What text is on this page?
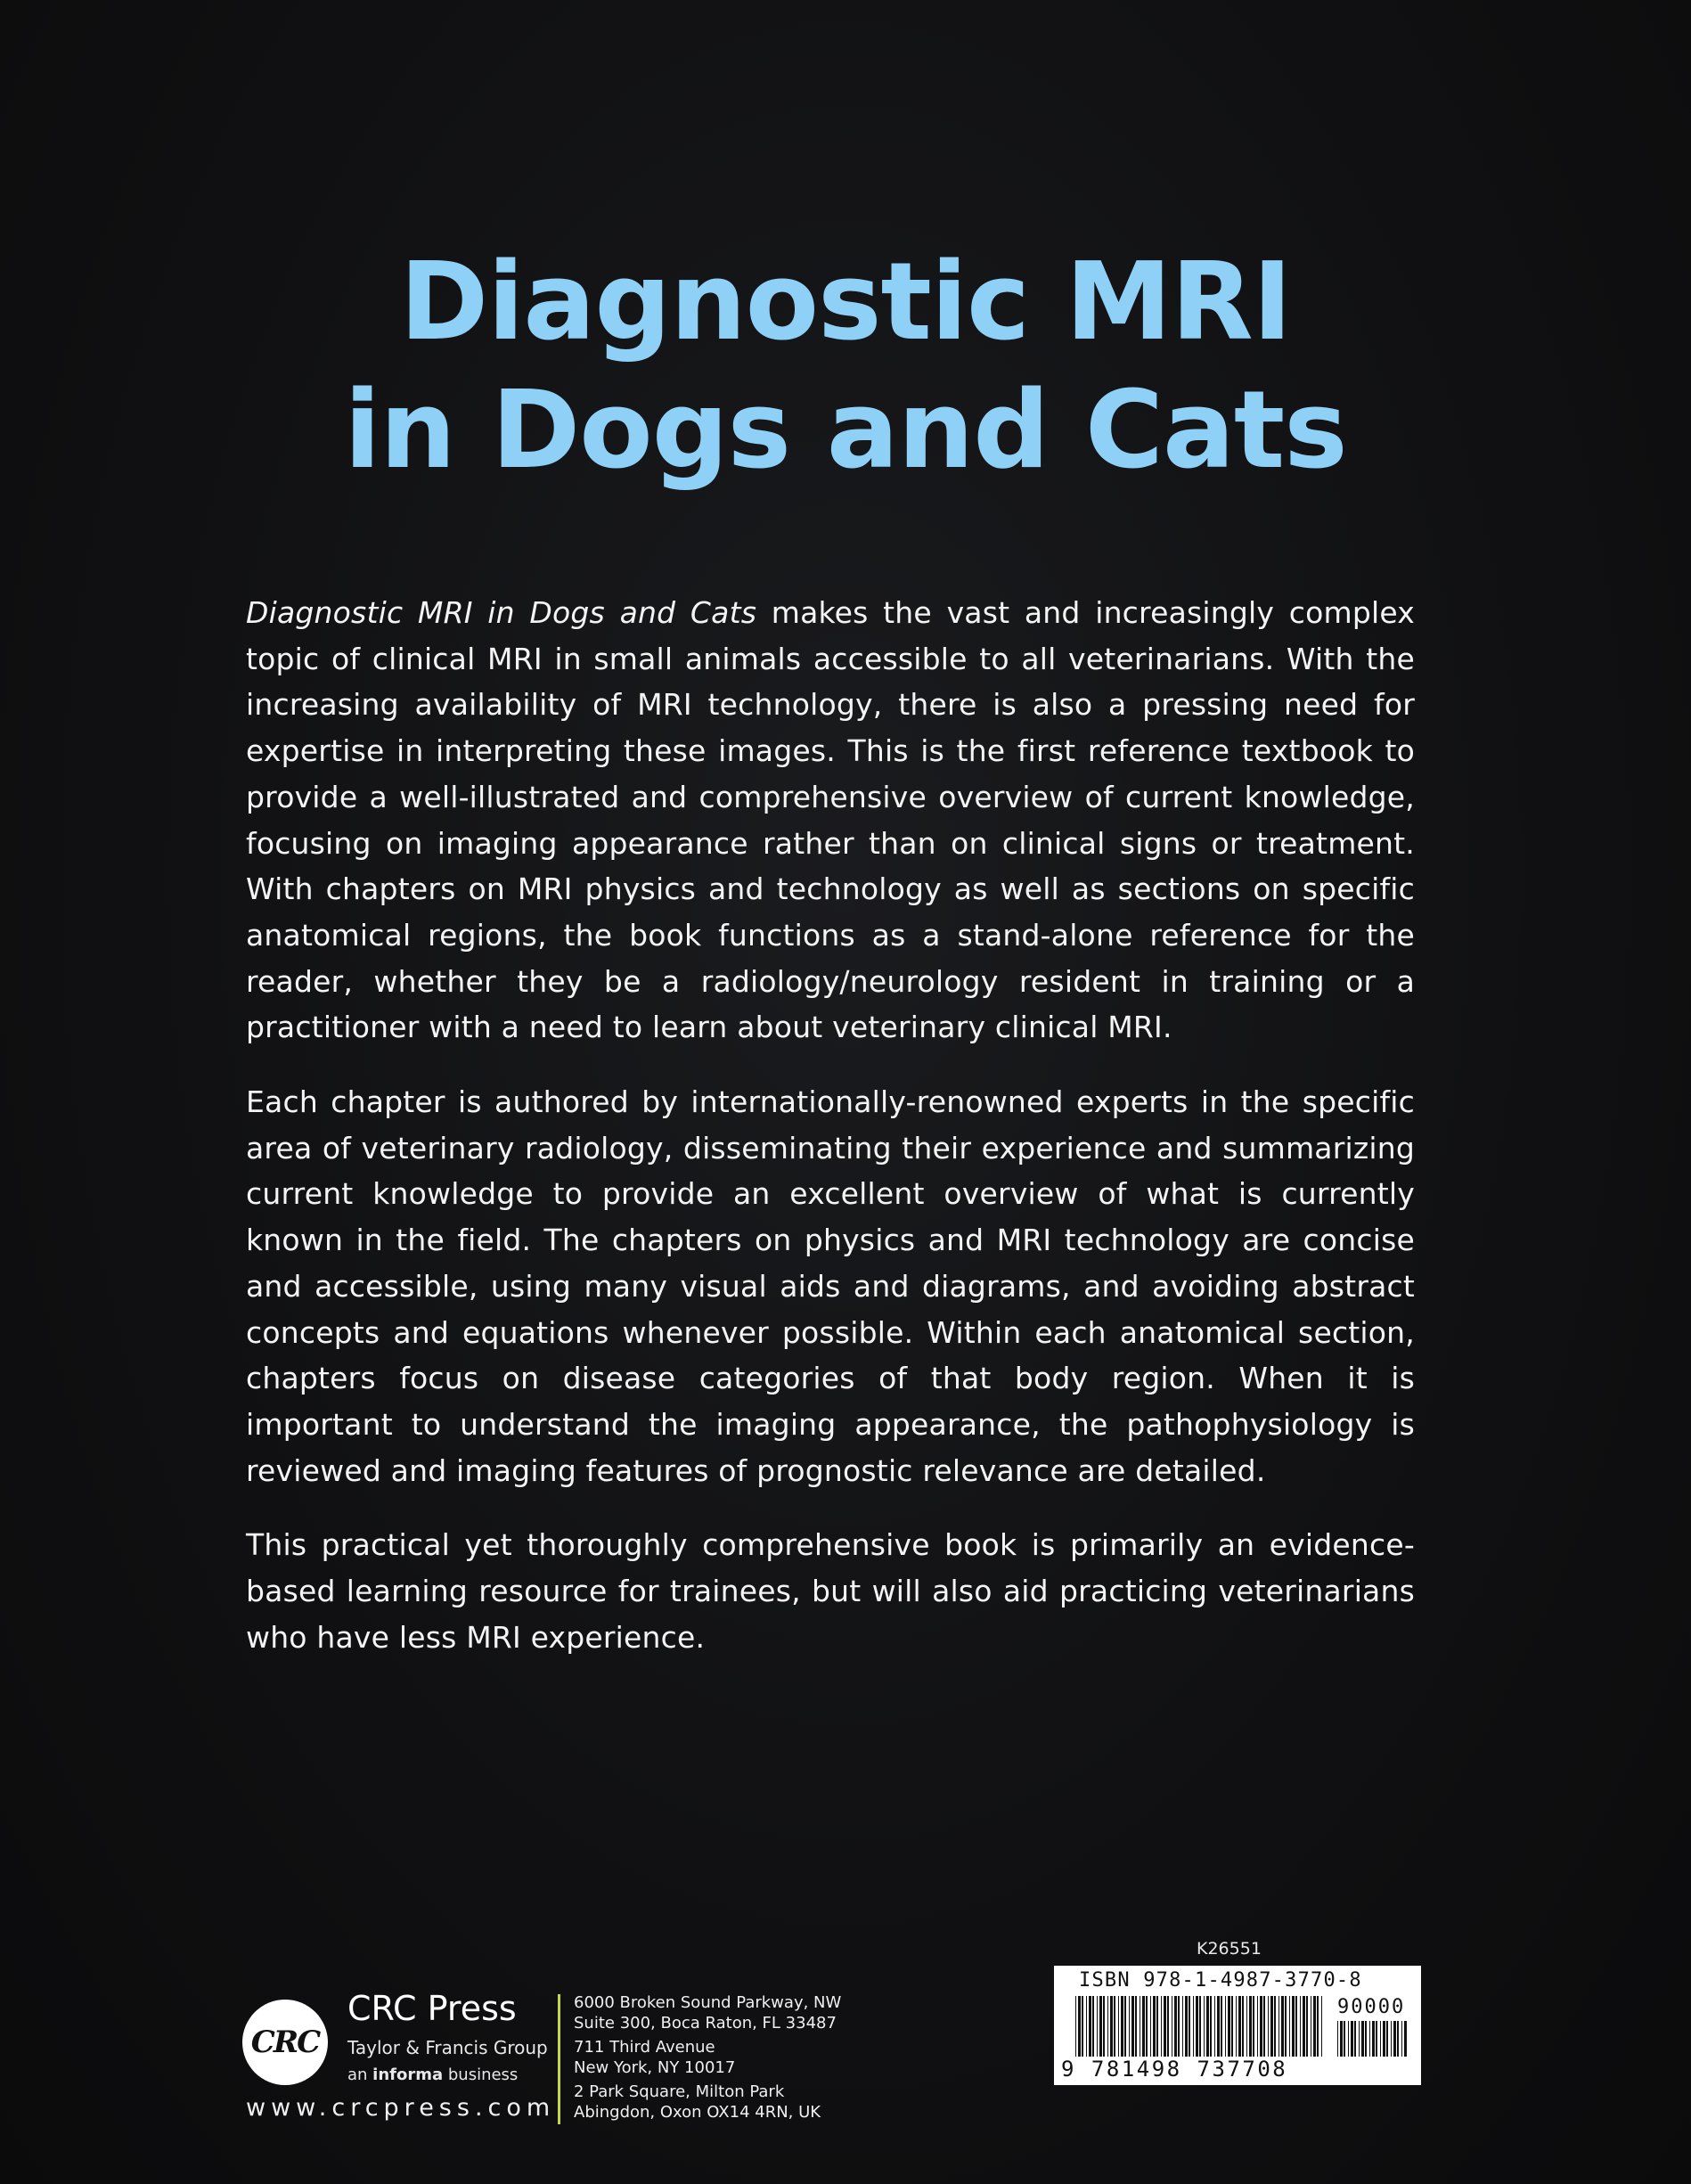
Diagnostic MRI
in Dogs and Cats

Diagnostic MRI in Dogs and Cats makes the vast and increasingly complex topic of clinical MRI in small animals accessible to all veterinarians. With the increasing availability of MRI technology, there is also a pressing need for expertise in interpreting these images. This is the first reference textbook to provide a well-illustrated and comprehensive overview of current knowledge, focusing on imaging appearance rather than on clinical signs or treatment. With chapters on MRI physics and technology as well as sections on specific anatomical regions, the book functions as a stand-alone reference for the reader, whether they be a radiology/neurology resident in training or a practitioner with a need to learn about veterinary clinical MRI.

Each chapter is authored by internationally-renowned experts in the specific area of veterinary radiology, disseminating their experience and summarizing current knowledge to provide an excellent overview of what is currently known in the field. The chapters on physics and MRI technology are concise and accessible, using many visual aids and diagrams, and avoiding abstract concepts and equations whenever possible. Within each anatomical section, chapters focus on disease categories of that body region. When it is important to understand the imaging appearance, the pathophysiology is reviewed and imaging features of prognostic relevance are detailed.

This practical yet thoroughly comprehensive book is primarily an evidence-based learning resource for trainees, but will also aid practicing veterinarians who have less MRI experience.

CRC
CRC Press
Taylor & Francis Group
an informa business
www.crcpress.com
6000 Broken Sound Parkway, NW
Suite 300, Boca Raton, FL 33487
711 Third Avenue
New York, NY 10017
2 Park Square, Milton Park
Abingdon, Oxon OX14 4RN, UK
K26551
ISBN 978-1-4987-3770-8
90000
9 781498 737708
